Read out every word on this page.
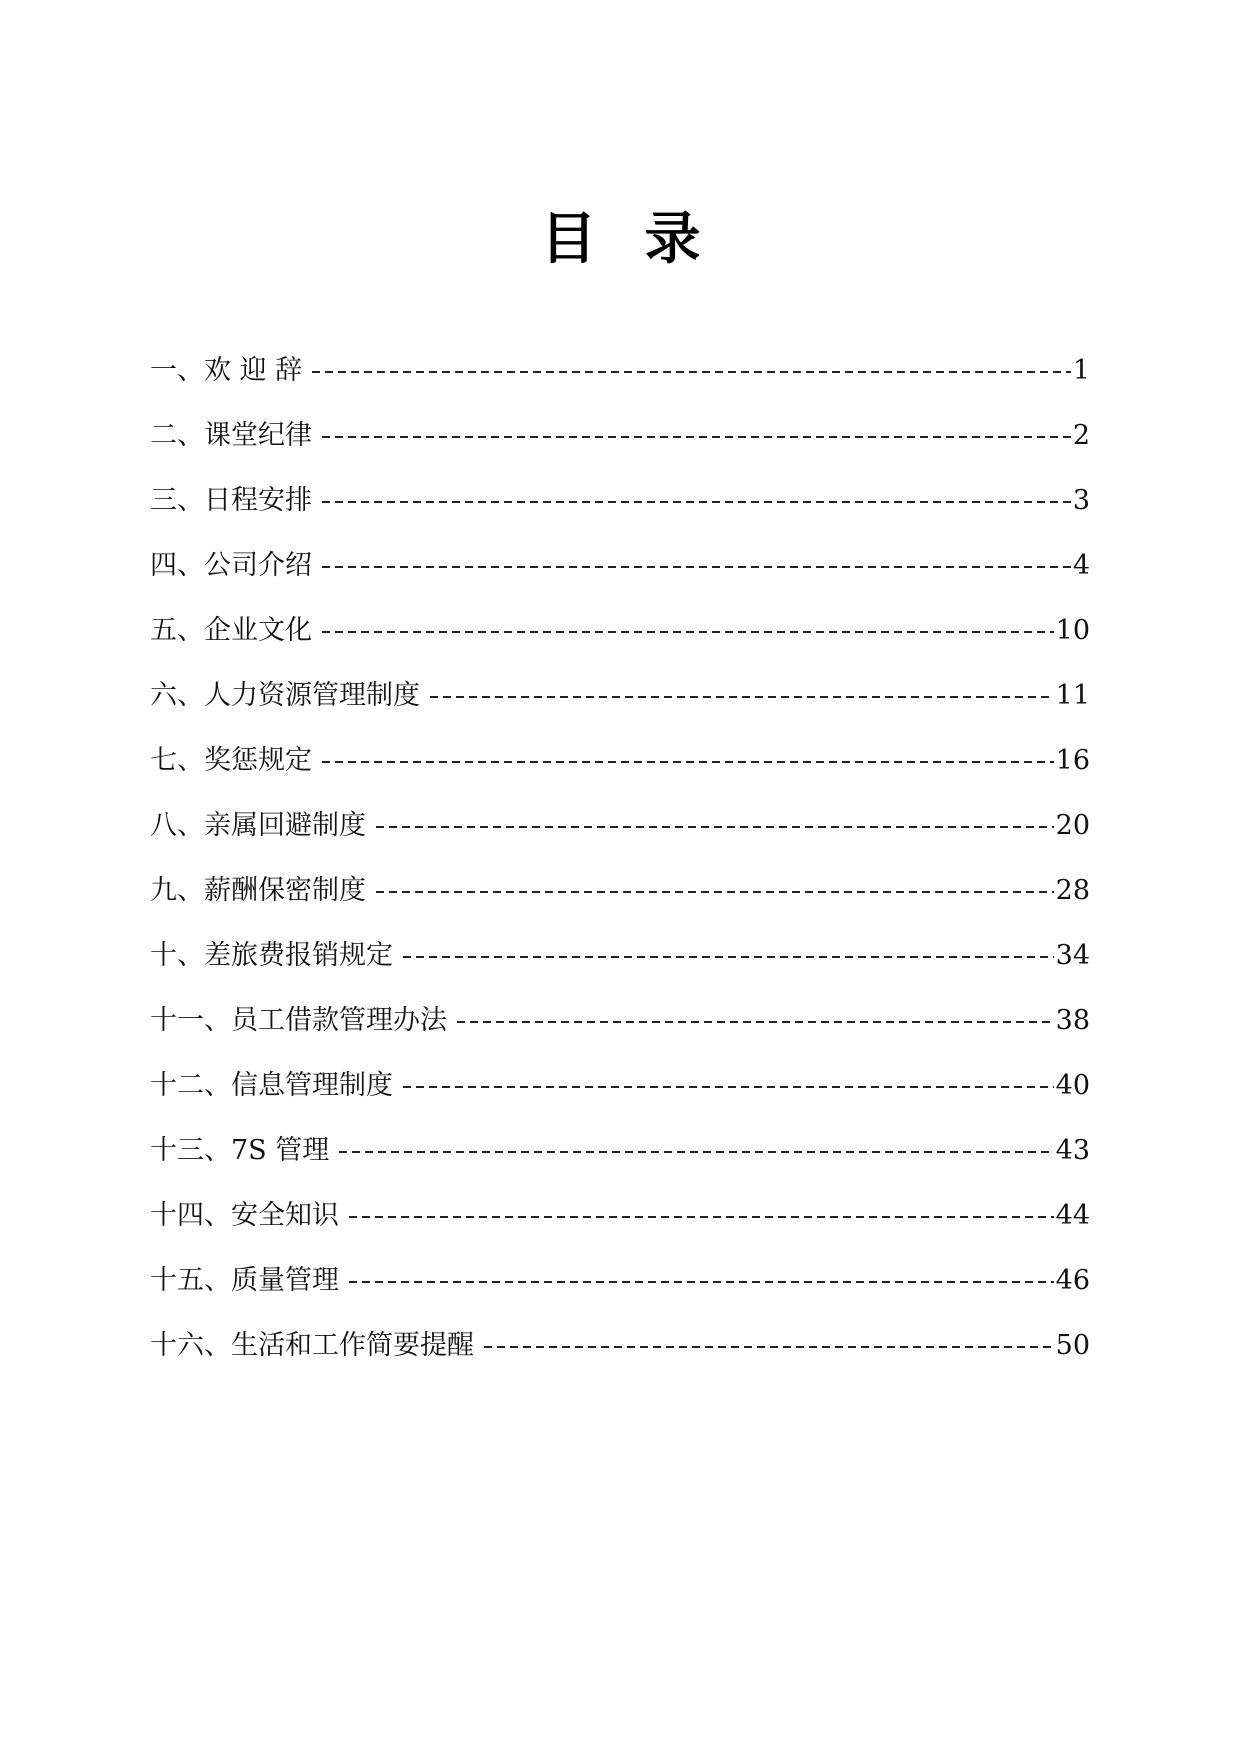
目录
一、欢 迎 辞	1
二、课堂纪律	2
三、日程安排	3
四、公司介绍	4
五、企业文化	10
六、人力资源管理制度	11
七、奖惩规定	16
八、亲属回避制度	20
九、薪酬保密制度	28
十、差旅费报销规定	34
十一、员工借款管理办法	38
十二、信息管理制度	40
十三、7S 管理	43
十四、安全知识	44
十五、质量管理	46
十六、生活和工作简要提醒	50
